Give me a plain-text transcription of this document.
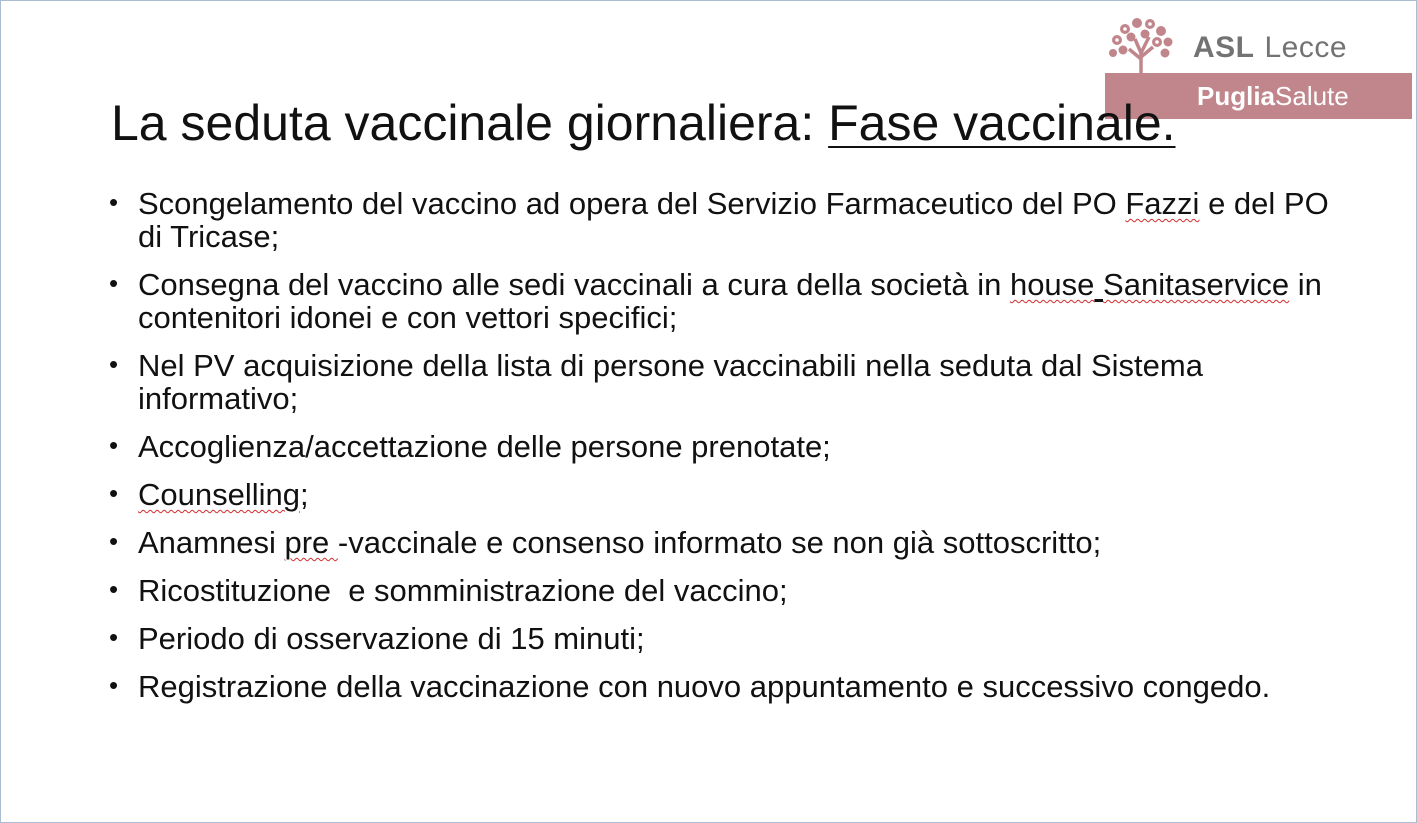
ASL Lecce
PugliaSalute
La seduta vaccinale giornaliera: Fase vaccinale.
• Scongelamento del vaccino ad opera del Servizio Farmaceutico del PO Fazzi e del PO di Tricase;
• Consegna del vaccino alle sedi vaccinali a cura della società in house Sanitaservice in contenitori idonei e con vettori specifici;
• Nel PV acquisizione della lista di persone vaccinabili nella seduta dal Sistema informativo;
• Accoglienza/accettazione delle persone prenotate;
• Counselling;
• Anamnesi pre -vaccinale e consenso informato se non già sottoscritto;
• Ricostituzione  e somministrazione del vaccino;
• Periodo di osservazione di 15 minuti;
• Registrazione della vaccinazione con nuovo appuntamento e successivo congedo.
